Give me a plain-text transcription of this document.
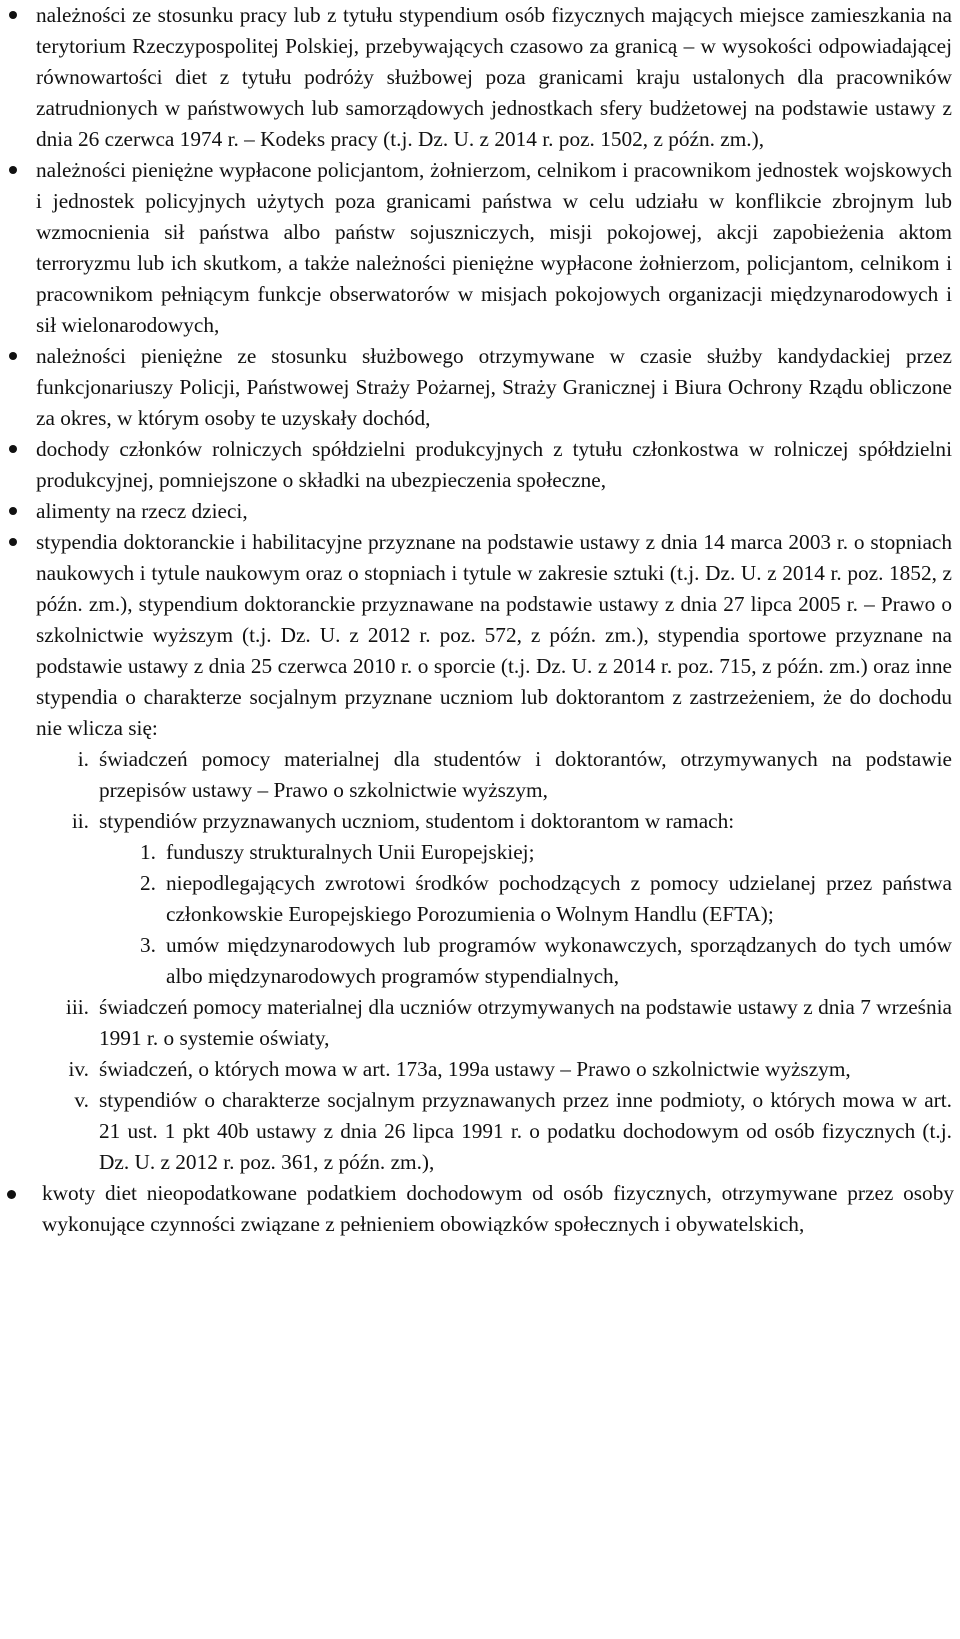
należności ze stosunku pracy lub z tytułu stypendium osób fizycznych mających miejsce zamieszkania na terytorium Rzeczypospolitej Polskiej, przebywających czasowo za granicą – w wysokości odpowiadającej równowartości diet z tytułu podróży służbowej poza granicami kraju ustalonych dla pracowników zatrudnionych w państwowych lub samorządowych jednostkach sfery budżetowej na podstawie ustawy z dnia 26 czerwca 1974 r. – Kodeks pracy (t.j. Dz. U. z 2014 r. poz. 1502, z późn. zm.),
należności pieniężne wypłacone policjantom, żołnierzom, celnikom i pracownikom jednostek wojskowych i jednostek policyjnych użytych poza granicami państwa w celu udziału w konflikcie zbrojnym lub wzmocnienia sił państwa albo państw sojuszniczych, misji pokojowej, akcji zapobieżenia aktom terroryzmu lub ich skutkom, a także należności pieniężne wypłacone żołnierzom, policjantom, celnikom i pracownikom pełniącym funkcje obserwatorów w misjach pokojowych organizacji międzynarodowych i sił wielonarodowych,
należności pieniężne ze stosunku służbowego otrzymywane w czasie służby kandydackiej przez funkcjonariuszy Policji, Państwowej Straży Pożarnej, Straży Granicznej i Biura Ochrony Rządu obliczone za okres, w którym osoby te uzyskały dochód,
dochody członków rolniczych spółdzielni produkcyjnych z tytułu członkostwa w rolniczej spółdzielni produkcyjnej, pomniejszone o składki na ubezpieczenia społeczne,
alimenty na rzecz dzieci,
stypendia doktoranckie i habilitacyjne przyznane na podstawie ustawy z dnia 14 marca 2003 r. o stopniach naukowych i tytule naukowym oraz o stopniach i tytule w zakresie sztuki (t.j. Dz. U. z 2014 r. poz. 1852, z późn. zm.), stypendium doktoranckie przyznawane na podstawie ustawy z dnia 27 lipca 2005 r. – Prawo o szkolnictwie wyższym (t.j. Dz. U. z 2012 r. poz. 572, z późn. zm.), stypendia sportowe przyznane na podstawie ustawy z dnia 25 czerwca 2010 r. o sporcie (t.j. Dz. U. z 2014 r. poz. 715, z późn. zm.) oraz inne stypendia o charakterze socjalnym przyznane uczniom lub doktorantom z zastrzeżeniem, że do dochodu nie wlicza się:
i. świadczeń pomocy materialnej dla studentów i doktorantów, otrzymywanych na podstawie przepisów ustawy – Prawo o szkolnictwie wyższym,
ii. stypendiów przyznawanych uczniom, studentom i doktorantom w ramach:
1. funduszy strukturalnych Unii Europejskiej;
2. niepodlegających zwrotowi środków pochodzących z pomocy udzielanej przez państwa członkowskie Europejskiego Porozumienia o Wolnym Handlu (EFTA);
3. umów międzynarodowych lub programów wykonawczych, sporządzanych do tych umów albo międzynarodowych programów stypendialnych,
iii. świadczeń pomocy materialnej dla uczniów otrzymywanych na podstawie ustawy z dnia 7 września 1991 r. o systemie oświaty,
iv. świadczeń, o których mowa w art. 173a, 199a ustawy – Prawo o szkolnictwie wyższym,
v. stypendiów o charakterze socjalnym przyznawanych przez inne podmioty, o których mowa w art. 21 ust. 1 pkt 40b ustawy z dnia 26 lipca 1991 r. o podatku dochodowym od osób fizycznych (t.j. Dz. U. z 2012 r. poz. 361, z późn. zm.),
kwoty diet nieopodatkowane podatkiem dochodowym od osób fizycznych, otrzymywane przez osoby wykonujące czynności związane z pełnieniem obowiązków społecznych i obywatelskich,
